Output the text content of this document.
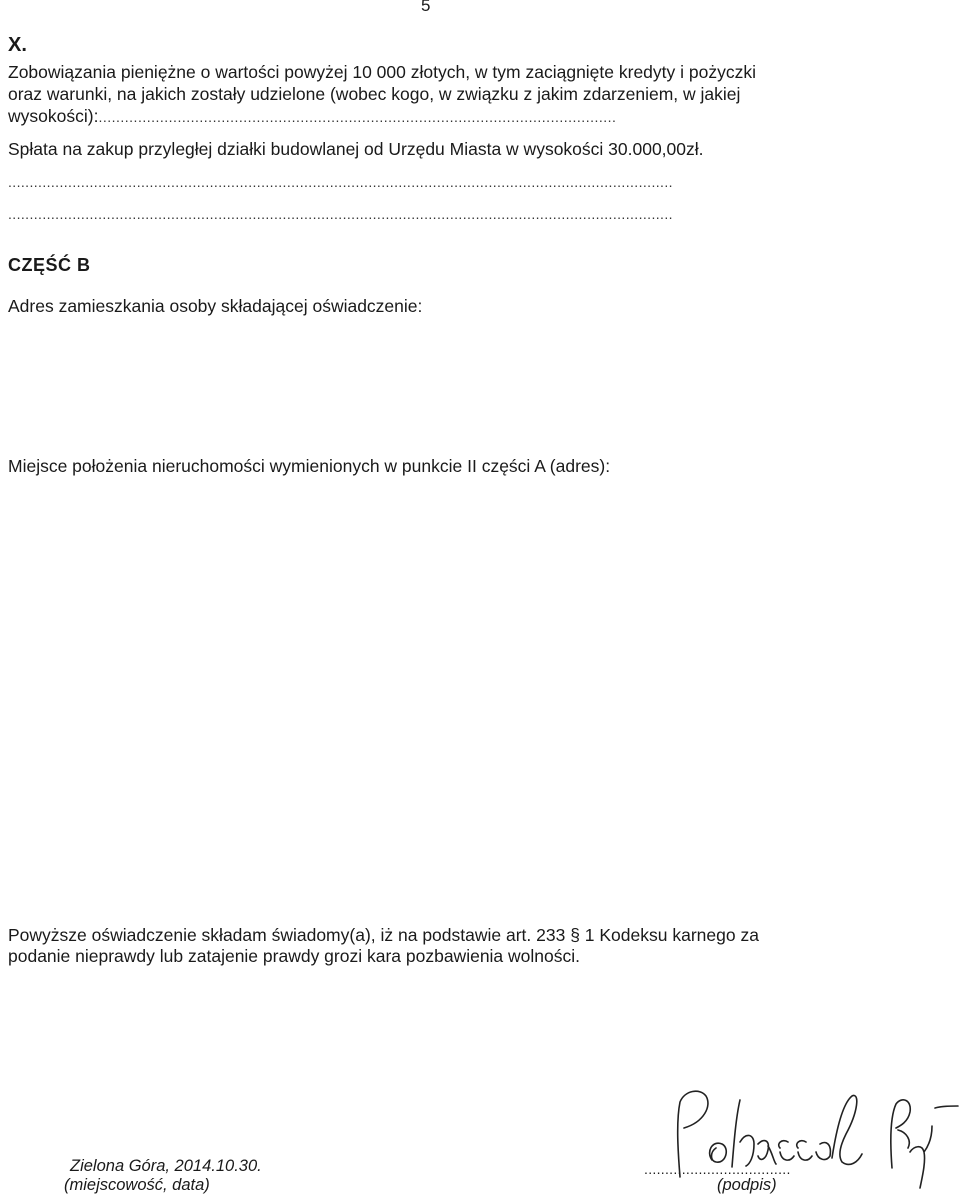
5
X.
Zobowiązania pieniężne o wartości powyżej 10 000 złotych, w tym zaciągnięte kredyty i pożyczki
oraz warunki, na jakich zostały udzielone (wobec kogo, w związku z jakim zdarzeniem, w jakiej
wysokości):......................................................................................................................
Spłata na zakup przyległej działki budowlanej od Urzędu Miasta w wysokości 30.000,00zł.
...........................................................................................................................................................
...........................................................................................................................................................
CZĘŚĆ B
Adres zamieszkania osoby składającej oświadczenie:
Miejsce położenia nieruchomości wymienionych w punkcie II części A (adres):
Powyższe oświadczenie składam świadomy(a), iż na podstawie art. 233 § 1 Kodeksu karnego za
podanie nieprawdy lub zatajenie prawdy grozi kara pozbawienia wolności.
Zielona Góra, 2014.10.30.
(miejscowość, data)
...................................
(podpis)
